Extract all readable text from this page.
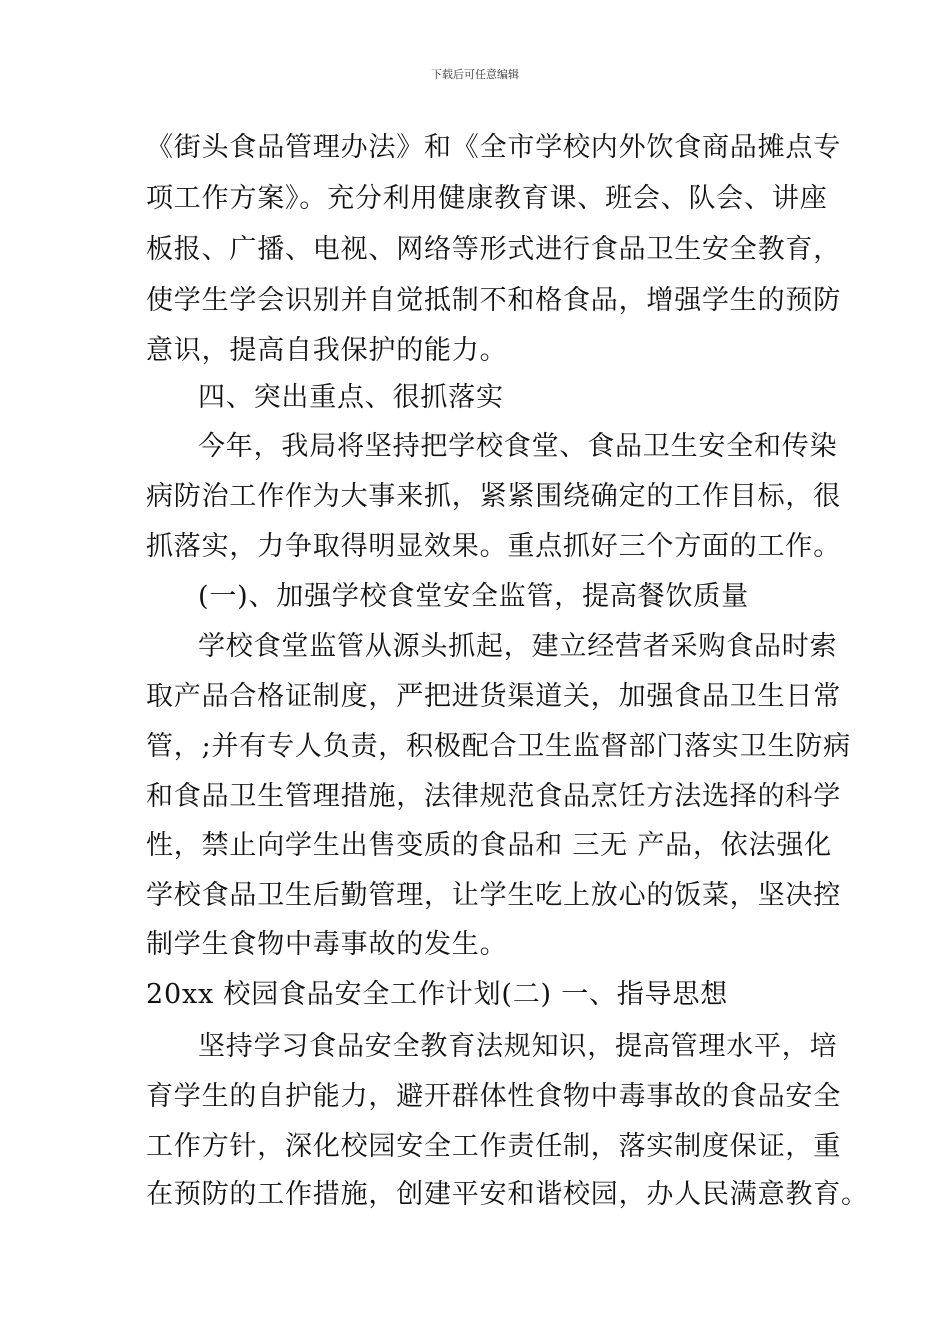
下载后可任意编辑
《街头食品管理办法》和《全市学校内外饮食商品摊点专
项工作方案》。充分利用健康教育课、班会、队会、讲座
板报、广播、电视、网络等形式进行食品卫生安全教育，
使学生学会识别并自觉抵制不和格食品，增强学生的预防
意识，提高自我保护的能力。
四、突出重点、很抓落实
今年，我局将坚持把学校食堂、食品卫生安全和传染
病防治工作作为大事来抓，紧紧围绕确定的工作目标，很
抓落实，力争取得明显效果。重点抓好三个方面的工作。
(一)、加强学校食堂安全监管，提高餐饮质量
学校食堂监管从源头抓起，建立经营者采购食品时索
取产品合格证制度，严把进货渠道关，加强食品卫生日常
管，;并有专人负责，积极配合卫生监督部门落实卫生防病
和食品卫生管理措施，法律规范食品烹饪方法选择的科学
性，禁止向学生出售变质的食品和 三无 产品，依法强化
学校食品卫生后勤管理，让学生吃上放心的饭菜，坚决控
制学生食物中毒事故的发生。
20xx 校园食品安全工作计划(二) 一、指导思想
坚持学习食品安全教育法规知识，提高管理水平，培
育学生的自护能力，避开群体性食物中毒事故的食品安全
工作方针，深化校园安全工作责任制，落实制度保证，重
在预防的工作措施，创建平安和谐校园，办人民满意教育。
